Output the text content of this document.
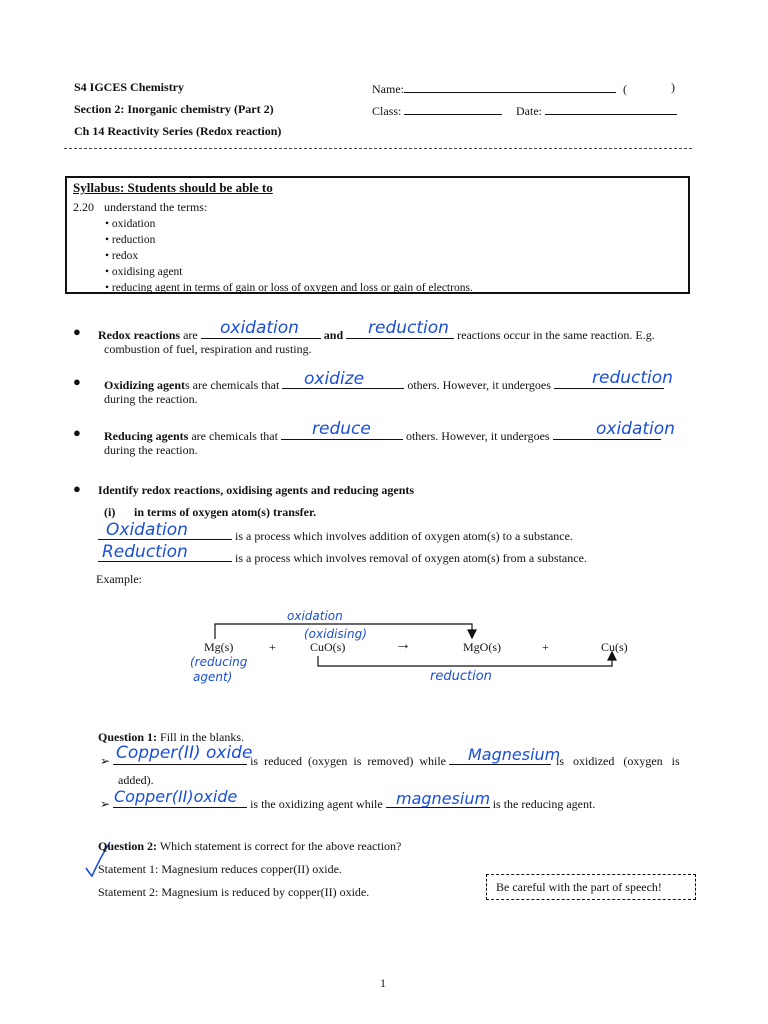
S4 IGCES Chemistry
Section 2: Inorganic chemistry (Part 2)
Ch 14 Reactivity Series (Redox reaction)
Name:	(	)
Class:	Date:
Syllabus: Students should be able to
2.20 understand the terms:
• oxidation
• reduction
• redox
• oxidising agent
• reducing agent in terms of gain or loss of oxygen and loss or gain of electrons.
● Redox reactions are	and	reactions occur in the same reaction. E.g.
oxidation	reduction
combustion of fuel, respiration and rusting.
● Oxidizing agents are chemicals that	others. However, it undergoes
oxidize	reduction
during the reaction.
● Reducing agents are chemicals that	others. However, it undergoes
reduce	oxidation
during the reaction.
● Identify redox reactions, oxidising agents and reducing agents
(i) in terms of oxygen atom(s) transfer.
is a process which involves addition of oxygen atom(s) to a substance.
Oxidation
is a process which involves removal of oxygen atom(s) from a substance.
Reduction
Example:
Mg(s)	+	CuO(s)	→	MgO(s)	+	Cu(s)
oxidation
(oxidising)
(reducing
agent)	reduction
Question 1: Fill in the blanks.
➢	is reduced (oxygen is removed) while	is oxidized (oxygen is
Copper(II) oxide	Magnesium
added).
➢	is the oxidizing agent while	is the reducing agent.
Copper(II)oxide	magnesium
Question 2: Which statement is correct for the above reaction?
Statement 1: Magnesium reduces copper(II) oxide.
Statement 2: Magnesium is reduced by copper(II) oxide.	Be careful with the part of speech!
1
